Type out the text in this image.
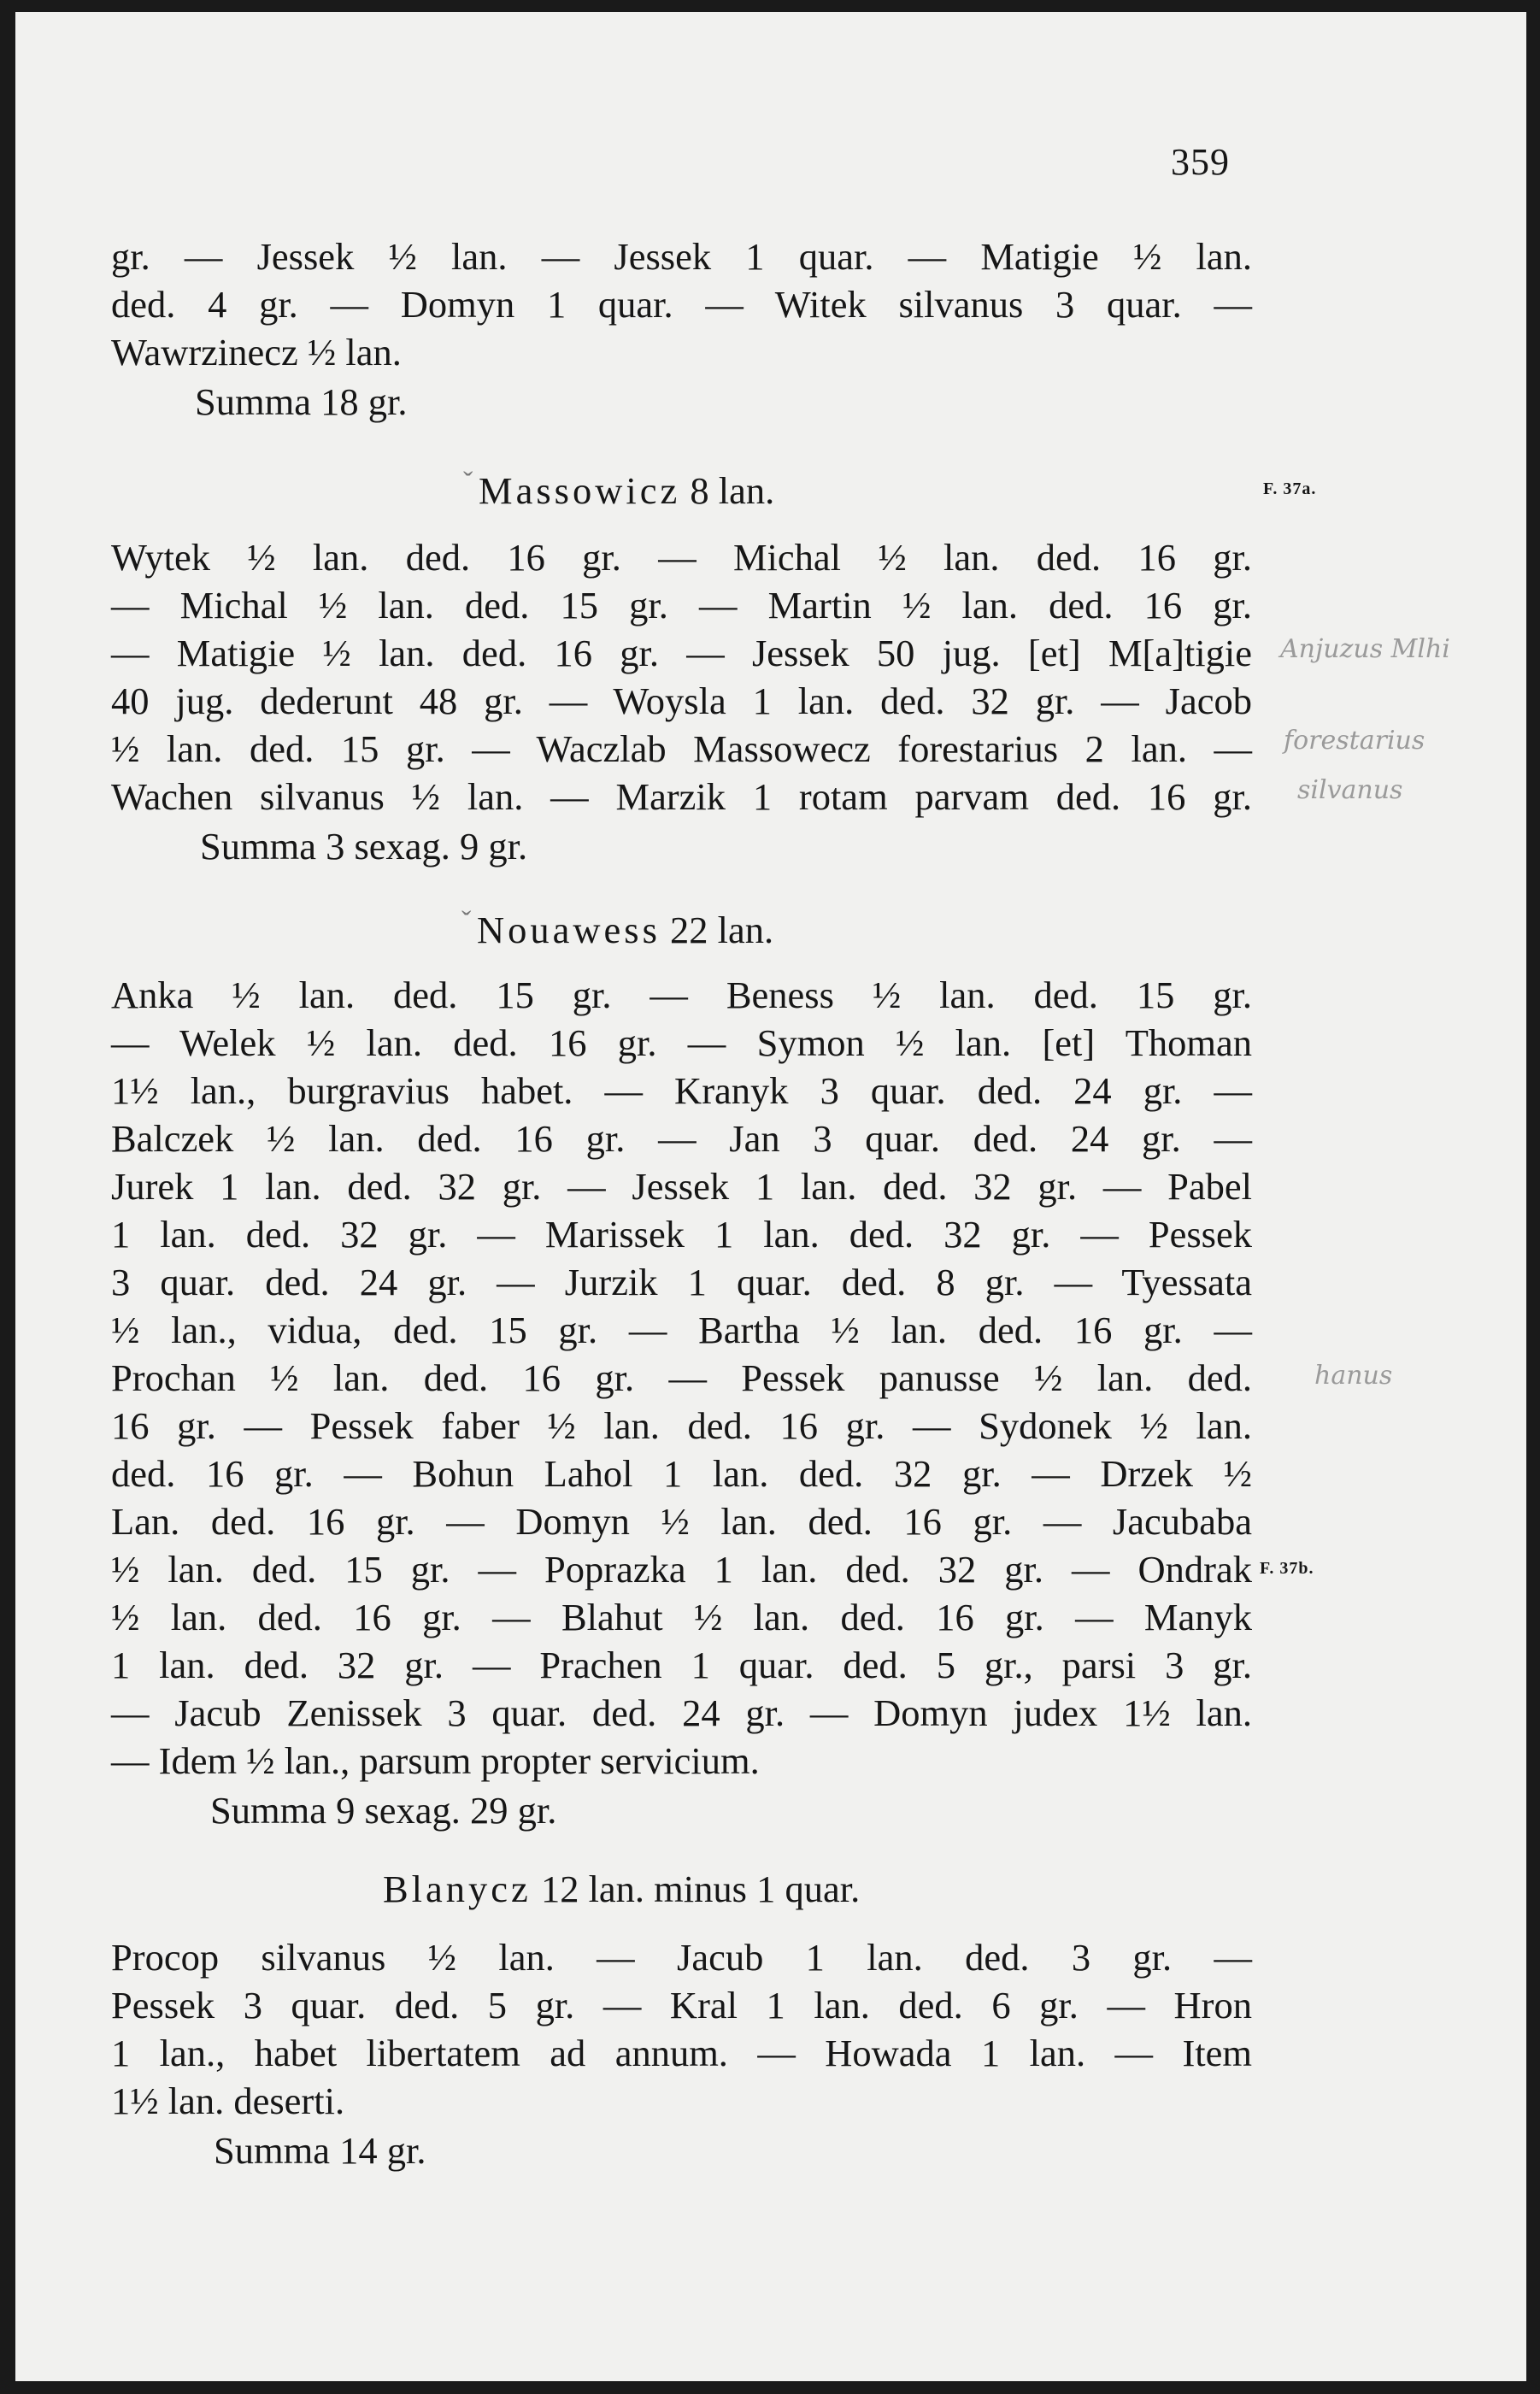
359
gr. — Jessek ½ lan. — Jessek 1 quar. — Matigie ½ lan.
ded. 4 gr. — Domyn 1 quar. — Witek silvanus 3 quar. —
Wawrzinecz ½ lan.
Summa 18 gr.
ˇ Massowicz 8 lan.	F. 37a.
Wytek ½ lan. ded. 16 gr. — Michal ½ lan. ded. 16 gr.
— Michal ½ lan. ded. 15 gr. — Martin ½ lan. ded. 16 gr.
— Matigie ½ lan. ded. 16 gr. — Jessek 50 jug. [et] M[a]tigie
40 jug. dederunt 48 gr. — Woysla 1 lan. ded. 32 gr. — Jacob
½ lan. ded. 15 gr. — Waczlab Massowecz forestarius 2 lan. —
Wachen silvanus ½ lan. — Marzik 1 rotam parvam ded. 16 gr.
Summa 3 sexag. 9 gr.
Anjuzus Mlhi
forestarius
silvanus
ˇ Nouawess 22 lan.
Anka ½ lan. ded. 15 gr. — Beness ½ lan. ded. 15 gr.
— Welek ½ lan. ded. 16 gr. — Symon ½ lan. [et] Thoman
1½ lan., burgravius habet. — Kranyk 3 quar. ded. 24 gr. —
Balczek ½ lan. ded. 16 gr. — Jan 3 quar. ded. 24 gr. —
Jurek 1 lan. ded. 32 gr. — Jessek 1 lan. ded. 32 gr. — Pabel
1 lan. ded. 32 gr. — Marissek 1 lan. ded. 32 gr. — Pessek
3 quar. ded. 24 gr. — Jurzik 1 quar. ded. 8 gr. — Tyessata
½ lan., vidua, ded. 15 gr. — Bartha ½ lan. ded. 16 gr. —
Prochan ½ lan. ded. 16 gr. — Pessek panusse ½ lan. ded.
16 gr. — Pessek faber ½ lan. ded. 16 gr. — Sydonek ½ lan.
ded. 16 gr. — Bohun Lahol 1 lan. ded. 32 gr. — Drzek ½
Lan. ded. 16 gr. — Domyn ½ lan. ded. 16 gr. — Jacubaba
½ lan. ded. 15 gr. — Poprazka 1 lan. ded. 32 gr. — Ondrak
½ lan. ded. 16 gr. — Blahut ½ lan. ded. 16 gr. — Manyk
1 lan. ded. 32 gr. — Prachen 1 quar. ded. 5 gr., parsi 3 gr.
— Jacub Zenissek 3 quar. ded. 24 gr. — Domyn judex 1½ lan.
— Idem ½ lan., parsum propter servicium.
Summa 9 sexag. 29 gr.
F. 37b.
hanus
Blanycz 12 lan. minus 1 quar.
Procop silvanus ½ lan. — Jacub 1 lan. ded. 3 gr. —
Pessek 3 quar. ded. 5 gr. — Kral 1 lan. ded. 6 gr. — Hron
1 lan., habet libertatem ad annum. — Howada 1 lan. — Item
1½ lan. deserti.
Summa 14 gr.
